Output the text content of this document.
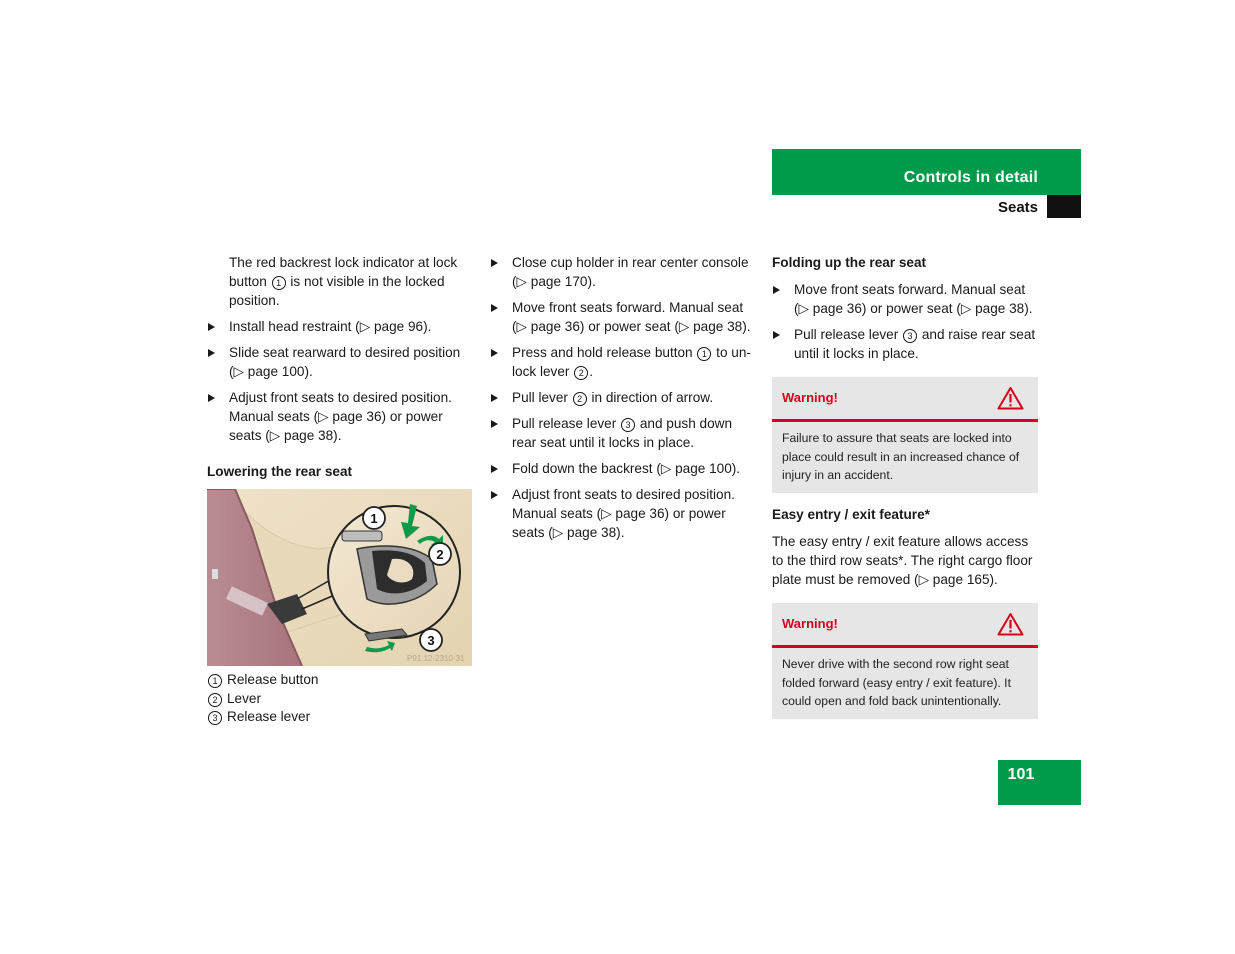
Controls in detail
Seats

The red backrest lock indicator at lock button 1 is not visible in the locked position.

Install head restraint (▷ page 96).
Slide seat rearward to desired position (▷ page 100).
Adjust front seats to desired position. Manual seats (▷ page 36) or power seats (▷ page 38).
Lowering the rear seat
1
2
3
P91.12-2310-31
1 Release button
2 Lever
3 Release lever
Close cup holder in rear center console (▷ page 170).
Move front seats forward. Manual seat (▷ page 36) or power seat (▷ page 38).
Press and hold release button 1 to un-lock lever 2 .
Pull lever 2 in direction of arrow.
Pull release lever 3 and push down rear seat until it locks in place.
Fold down the backrest (▷ page 100).
Adjust front seats to desired position. Manual seats (▷ page 36) or power seats (▷ page 38).
Folding up the rear seat
Move front seats forward. Manual seat (▷ page 36) or power seat (▷ page 38).
Pull release lever 3 and raise rear seat until it locks in place.
Warning!
Failure to assure that seats are locked into place could result in an increased chance of injury in an accident.
Easy entry / exit feature*

The easy entry / exit feature allows access to the third row seats*. The right cargo floor plate must be removed (▷ page 165).

Warning!
Never drive with the second row right seat folded forward (easy entry / exit feature). It could open and fold back unintentionally.
101
